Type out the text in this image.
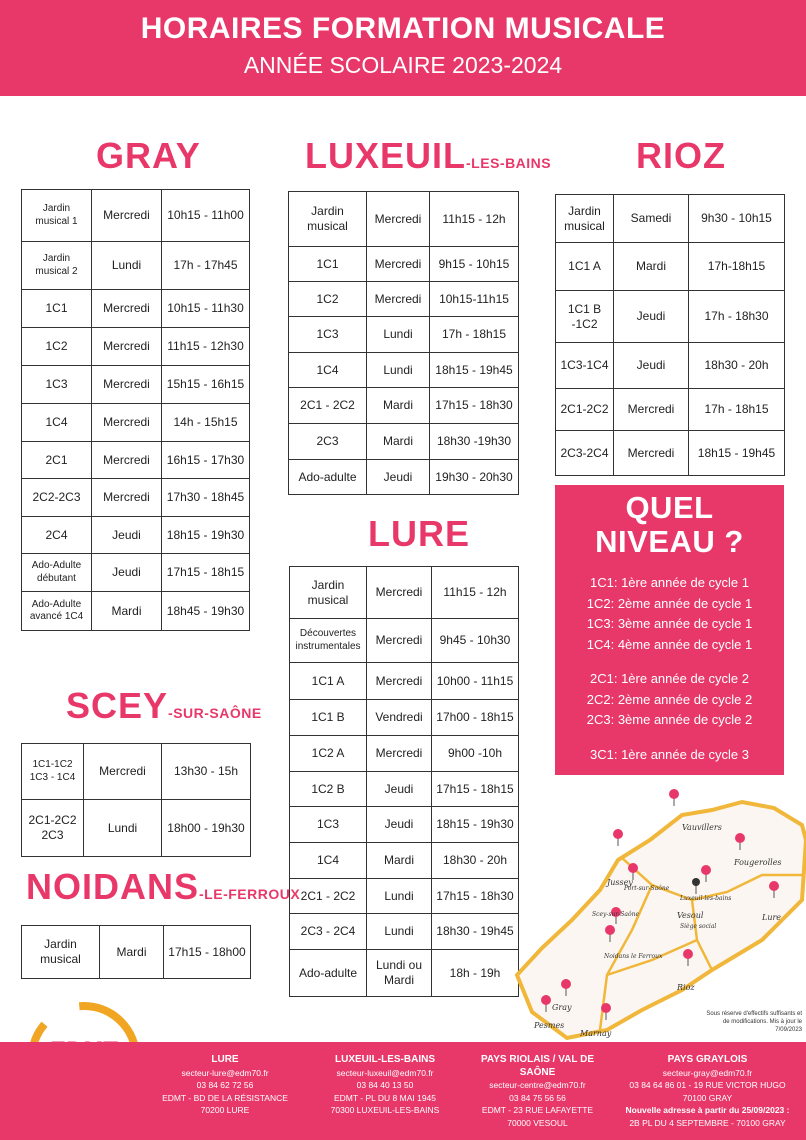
HORAIRES FORMATION MUSICALE
ANNÉE SCOLAIRE 2023-2024
GRAY
Jardin musical 1	Mercredi	10h15 - 11h00
Jardin musical 2	Lundi	17h - 17h45
1C1	Mercredi	10h15 - 11h30
1C2	Mercredi	11h15 - 12h30
1C3	Mercredi	15h15 - 16h15
1C4	Mercredi	14h - 15h15
2C1	Mercredi	16h15 - 17h30
2C2-2C3	Mercredi	17h30 - 18h45
2C4	Jeudi	18h15 - 19h30
Ado-Adulte débutant	Jeudi	17h15 - 18h15
Ado-Adulte avancé 1C4	Mardi	18h45 - 19h30
LUXEUIL-LES-BAINS
Jardin musical	Mercredi	11h15 - 12h
1C1	Mercredi	9h15 - 10h15
1C2	Mercredi	10h15-11h15
1C3	Lundi	17h - 18h15
1C4	Lundi	18h15 - 19h45
2C1 - 2C2	Mardi	17h15 - 18h30
2C3	Mardi	18h30 -19h30
Ado-adulte	Jeudi	19h30 - 20h30
RIOZ
Jardin musical	Samedi	9h30 - 10h15
1C1 A	Mardi	17h-18h15
1C1 B -1C2	Jeudi	17h - 18h30
1C3-1C4	Jeudi	18h30 - 20h
2C1-2C2	Mercredi	17h - 18h15
2C3-2C4	Mercredi	18h15 - 19h45
LURE
Jardin musical	Mercredi	11h15 - 12h
Découvertes instrumentales	Mercredi	9h45 - 10h30
1C1 A	Mercredi	10h00 - 11h15
1C1 B	Vendredi	17h00 - 18h15
1C2 A	Mercredi	9h00 -10h
1C2 B	Jeudi	17h15 - 18h15
1C3	Jeudi	18h15 - 19h30
1C4	Mardi	18h30 - 20h
2C1 - 2C2	Lundi	17h15 - 18h30
2C3 - 2C4	Lundi	18h30 - 19h45
Ado-adulte	Lundi ou Mardi	18h - 19h
SCEY-SUR-SAÔNE
1C1-1C2 1C3 - 1C4	Mercredi	13h30 - 15h
2C1-2C2 2C3	Lundi	18h00 - 19h30
NOIDANS-LE-FERROUX
Jardin musical	Mardi	17h15 - 18h00
QUEL
NIVEAU ?
1C1: 1ère année de cycle 1
1C2: 2ème année de cycle 1
1C3: 3ème année de cycle 1
1C4: 4ème année de cycle 1
2C1: 1ère année de cycle 2
2C2: 2ème année de cycle 2
2C3: 3ème année de cycle 2
3C1: 1ère année de cycle 3
Vauvillers
Fougerolles
Jussey
Luxeuil-les-bains
Port-sur-Saône
Vesoul
Siège social
Scey-sur-Saône	Lure
Noidans le Ferroux
Rioz
Gray
Pesmes
Marnay
Sous réserve d'effectifs suffisants et de modifications. Mis à jour le 7/09/2023
LURE
secteur-lure@edm70.fr
03 84 62 72 56
EDMT - BD DE LA RÉSISTANCE
70200 LURE
LUXEUIL-LES-BAINS
secteur-luxeuil@edm70.fr
03 84 40 13 50
EDMT - PL DU 8 MAI 1945
70300 LUXEUIL-LES-BAINS
PAYS RIOLAIS / VAL DE SAÔNE
secteur-centre@edm70.fr
03 84 75 56 56
EDMT - 23 RUE LAFAYETTE
70000 VESOUL
PAYS GRAYLOIS
secteur-gray@edm70.fr
03 84 64 86 01 - 19 RUE VICTOR HUGO
70100 GRAY
Nouvelle adresse à partir du 25/09/2023 :
2B PL DU 4 SEPTEMBRE - 70100 GRAY
